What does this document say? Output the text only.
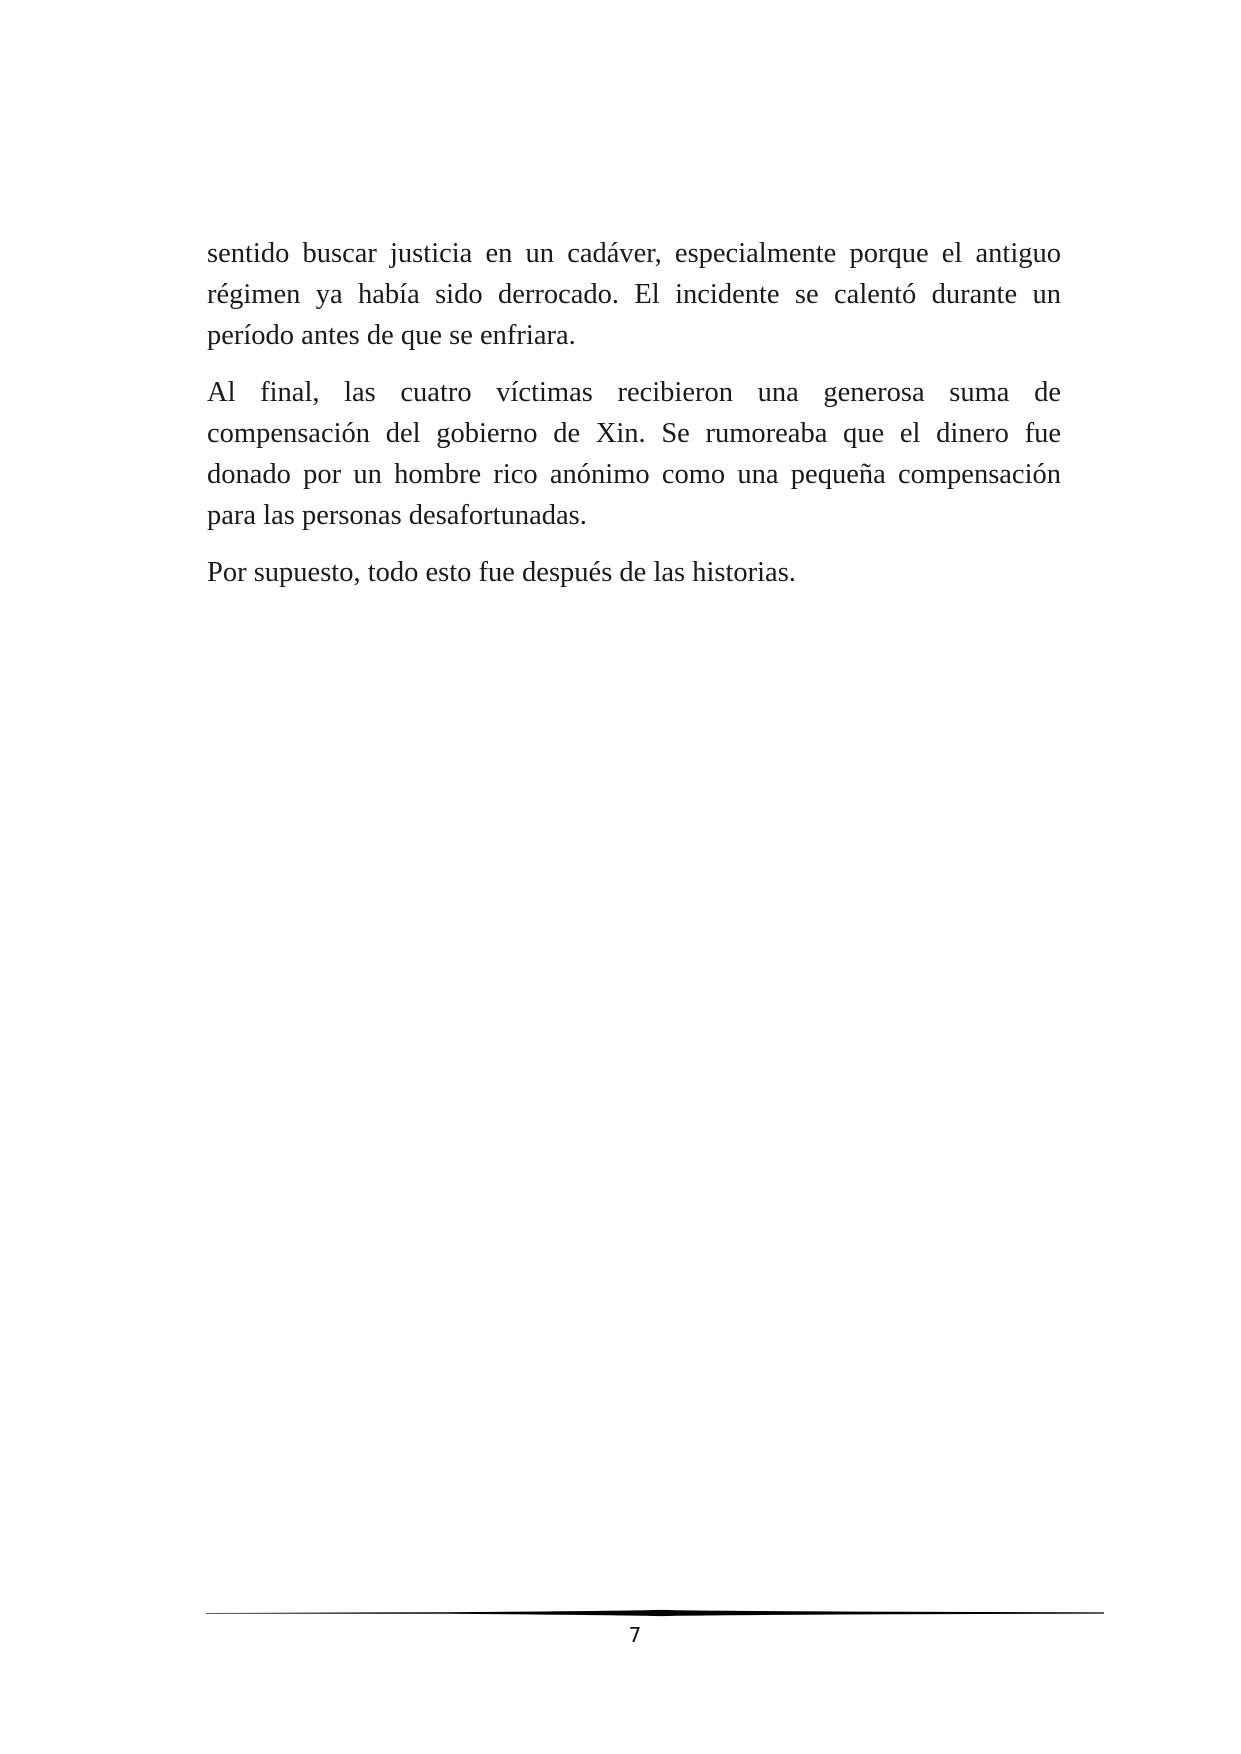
sentido buscar justicia en un cadáver, especialmente porque el antiguo régimen ya había sido derrocado. El incidente se calentó durante un período antes de que se enfriara.

Al final, las cuatro víctimas recibieron una generosa suma de compensación del gobierno de Xin. Se rumoreaba que el dinero fue donado por un hombre rico anónimo como una pequeña compensación para las personas desafortunadas.

Por supuesto, todo esto fue después de las historias.

7
